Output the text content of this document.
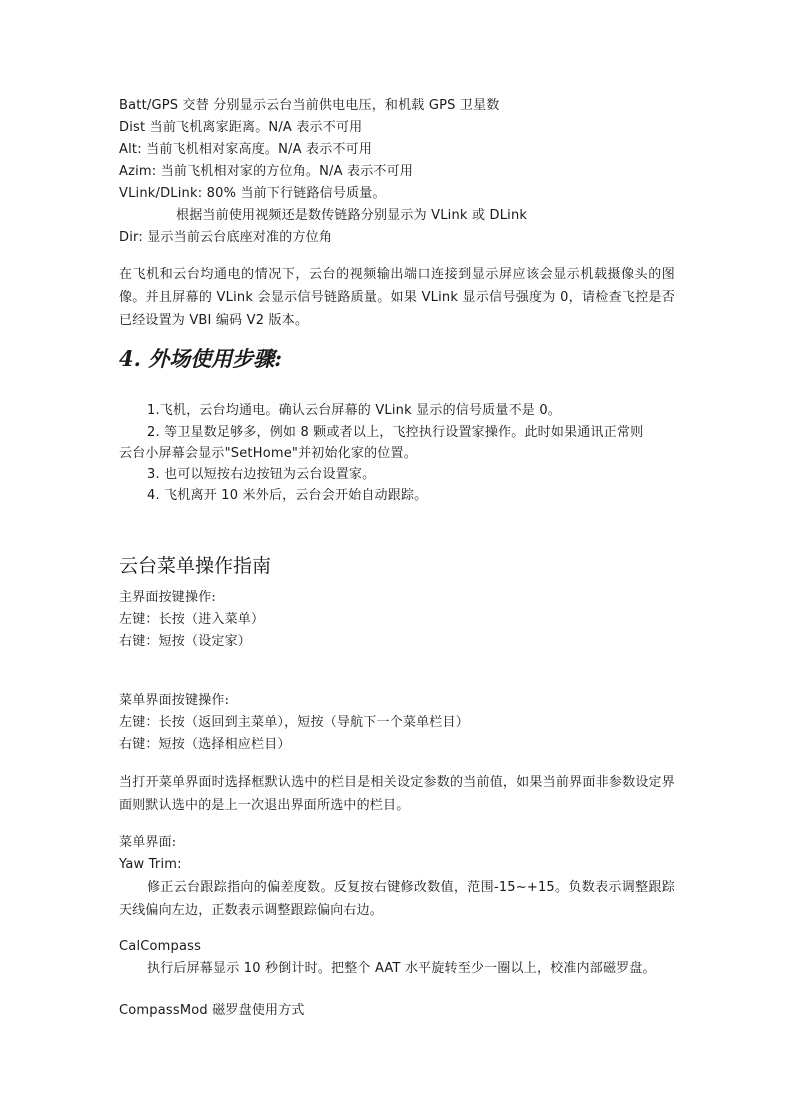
Batt/GPS 交替 分别显示云台当前供电电压，和机载 GPS 卫星数
Dist 当前飞机离家距离。N/A 表示不可用
Alt: 当前飞机相对家高度。N/A 表示不可用
Azim: 当前飞机相对家的方位角。N/A 表示不可用
VLink/DLink: 80% 当前下行链路信号质量。
根据当前使用视频还是数传链路分别显示为 VLink 或 DLink
Dir: 显示当前云台底座对准的方位角
在飞机和云台均通电的情况下，云台的视频输出端口连接到显示屏应该会显示机载摄像头的图像。并且屏幕的 VLink 会显示信号链路质量。如果 VLink 显示信号强度为 0，请检查飞控是否已经设置为 VBI 编码 V2 版本。
4. 外场使用步骤:
1.飞机，云台均通电。确认云台屏幕的 VLink 显示的信号质量不是 0。
2. 等卫星数足够多，例如 8 颗或者以上，飞控执行设置家操作。此时如果通讯正常则
云台小屏幕会显示"SetHome"并初始化家的位置。
3. 也可以短按右边按钮为云台设置家。
4. 飞机离开 10 米外后，云台会开始自动跟踪。
云台菜单操作指南
主界面按键操作:
左键：长按（进入菜单）
右键：短按（设定家）
菜单界面按键操作:
左键：长按（返回到主菜单），短按（导航下一个菜单栏目）
右键：短按（选择相应栏目）
当打开菜单界面时选择框默认选中的栏目是相关设定参数的当前值，如果当前界面非参数设定界面则默认选中的是上一次退出界面所选中的栏目。
菜单界面:
Yaw Trim:
修正云台跟踪指向的偏差度数。反复按右键修改数值，范围-15~+15。负数表示调整跟踪天线偏向左边，正数表示调整跟踪偏向右边。
CalCompass
执行后屏幕显示 10 秒倒计时。把整个 AAT 水平旋转至少一圈以上，校准内部磁罗盘。
CompassMod 磁罗盘使用方式
